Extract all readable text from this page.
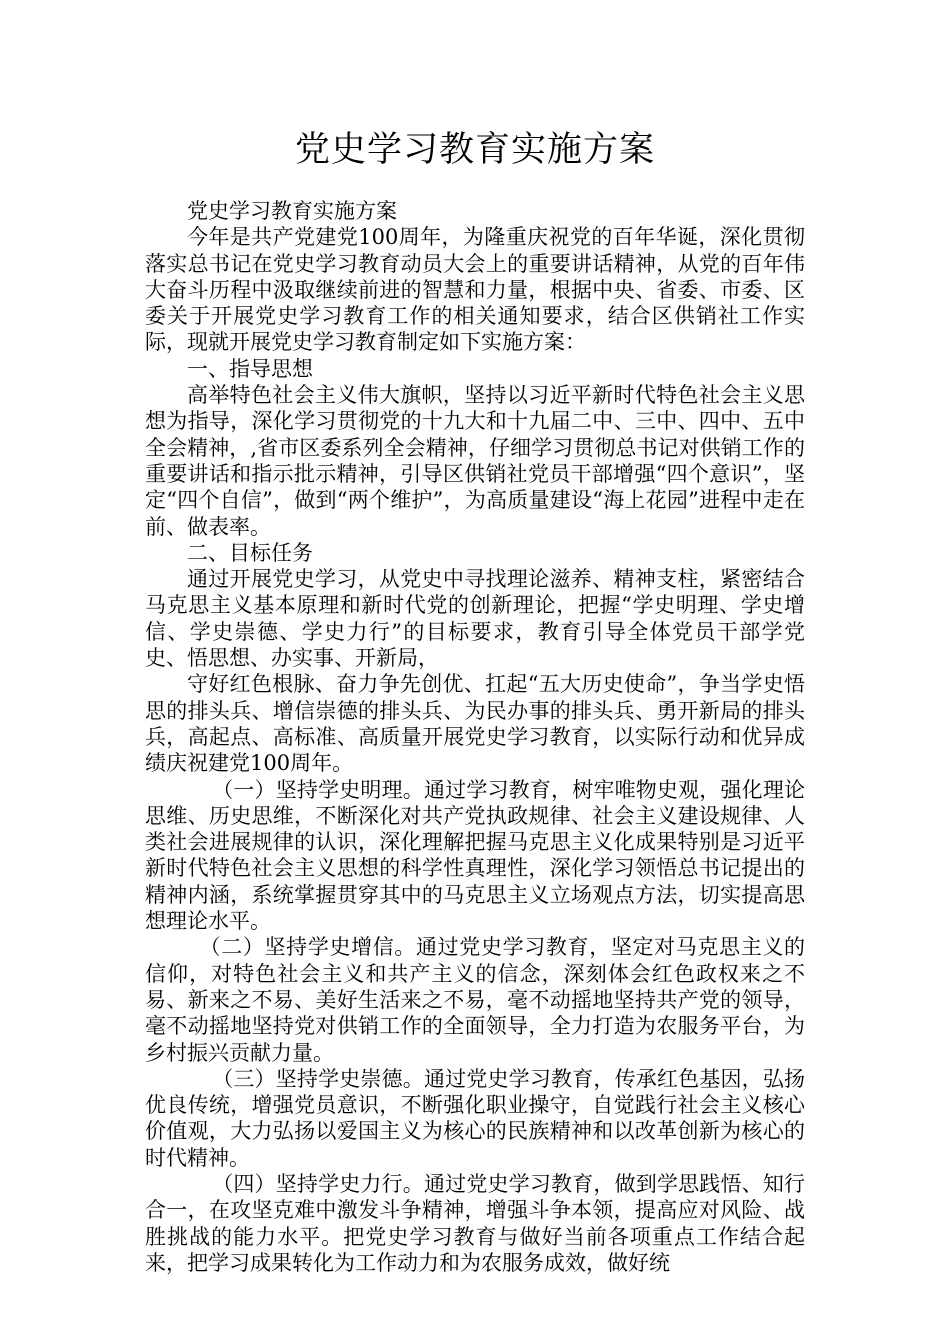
党史学习教育实施方案

党史学习教育实施方案

今年是共产党建党100周年，为隆重庆祝党的百年华诞，深化贯彻落实总书记在党史学习教育动员大会上的重要讲话精神，从党的百年伟大奋斗历程中汲取继续前进的智慧和力量，根据中央、省委、市委、区委关于开展党史学习教育工作的相关通知要求，结合区供销社工作实际，现就开展党史学习教育制定如下实施方案：

一、指导思想

高举特色社会主义伟大旗帜，坚持以习近平新时代特色社会主义思想为指导，深化学习贯彻党的十九大和十九届二中、三中、四中、五中全会精神，,省市区委系列全会精神，仔细学习贯彻总书记对供销工作的重要讲话和指示批示精神，引导区供销社党员干部增强“四个意识”，坚定“四个自信”，做到“两个维护”，为高质量建设“海上花园”进程中走在前、做表率。

二、目标任务

通过开展党史学习，从党史中寻找理论滋养、精神支柱，紧密结合马克思主义基本原理和新时代党的创新理论，把握“学史明理、学史增信、学史崇德、学史力行”的目标要求，教育引导全体党员干部学党史、悟思想、办实事、开新局，

守好红色根脉、奋力争先创优、扛起“五大历史使命”，争当学史悟思的排头兵、增信崇德的排头兵、为民办事的排头兵、勇开新局的排头兵，高起点、高标准、高质量开展党史学习教育，以实际行动和优异成绩庆祝建党100周年。

（一）坚持学史明理。通过学习教育，树牢唯物史观，强化理论思维、历史思维，不断深化对共产党执政规律、社会主义建设规律、人类社会进展规律的认识，深化理解把握马克思主义化成果特别是习近平新时代特色社会主义思想的科学性真理性，深化学习领悟总书记提出的精神内涵，系统掌握贯穿其中的马克思主义立场观点方法，切实提高思想理论水平。

（二）坚持学史增信。通过党史学习教育，坚定对马克思主义的信仰，对特色社会主义和共产主义的信念，深刻体会红色政权来之不易、新来之不易、美好生活来之不易，毫不动摇地坚持共产党的领导，毫不动摇地坚持党对供销工作的全面领导，全力打造为农服务平台，为乡村振兴贡献力量。

（三）坚持学史崇德。通过党史学习教育，传承红色基因，弘扬优良传统，增强党员意识，不断强化职业操守，自觉践行社会主义核心价值观，大力弘扬以爱国主义为核心的民族精神和以改革创新为核心的时代精神。

（四）坚持学史力行。通过党史学习教育，做到学思践悟、知行合一，在攻坚克难中激发斗争精神，增强斗争本领，提高应对风险、战胜挑战的能力水平。把党史学习教育与做好当前各项重点工作结合起来，把学习成果转化为工作动力和为农服务成效，做好统
